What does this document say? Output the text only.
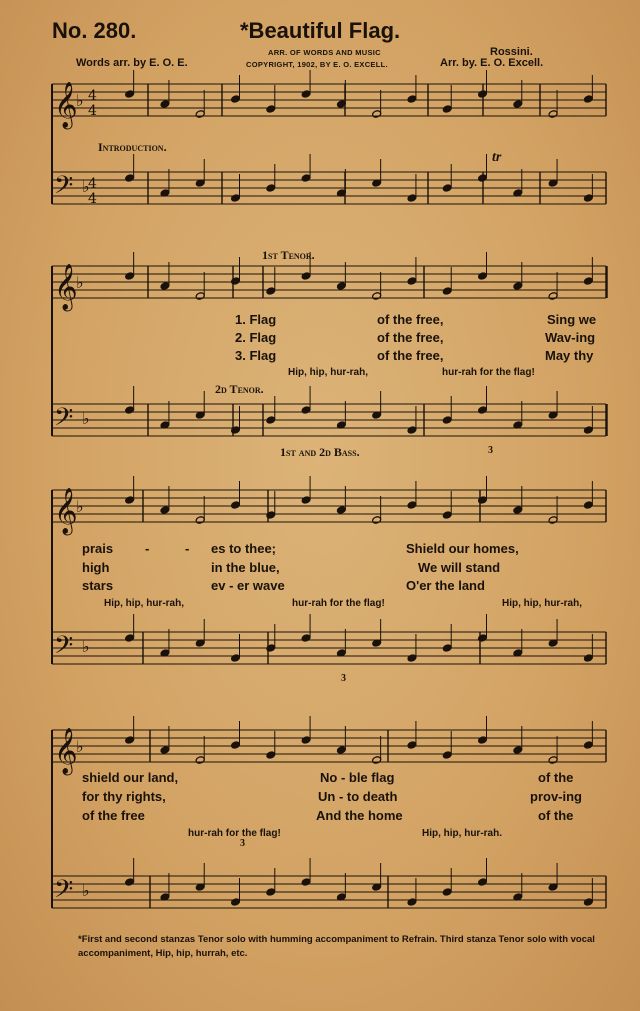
No. 280.	*Beautiful Flag.
ARR. OF WORDS AND MUSIC
COPYRIGHT, 1902, BY E. O. EXCELL.
Words arr. by E. O. E.
Rossini.
Arr. by. E. O. Excell.
Introduction.
tr
1st Tenor.
2d Tenor.
1st and 2d Bass.	3
3
3
1. Flag	of the free,	Sing we
2. Flag	of the free,	Wav-ing
3. Flag	of the free,	May thy
Hip, hip, hur-rah,	hur-rah for the flag!
prais -	- es to thee;	Shield our homes,
high	in the blue,	We will stand
stars	ev - er wave	O'er the land
Hip, hip, hur-rah,	hur-rah for the flag!	Hip, hip, hur-rah,
shield our land,	No - ble flag	of the
for thy rights,	Un - to death	prov-ing
of the free	And the home	of the
hur-rah for the flag!	Hip, hip, hur-rah.
*First and second stanzas Tenor solo with humming accompaniment to Refrain. Third stanza Tenor solo with vocal accompaniment, Hip, hip, hurrah, etc.
𝄞
𝄢
♭
♭
𝄞
𝄢
♭
♭
𝄞
𝄢
♭
♭
𝄞
𝄢
♭
♭
4
4
4
4
